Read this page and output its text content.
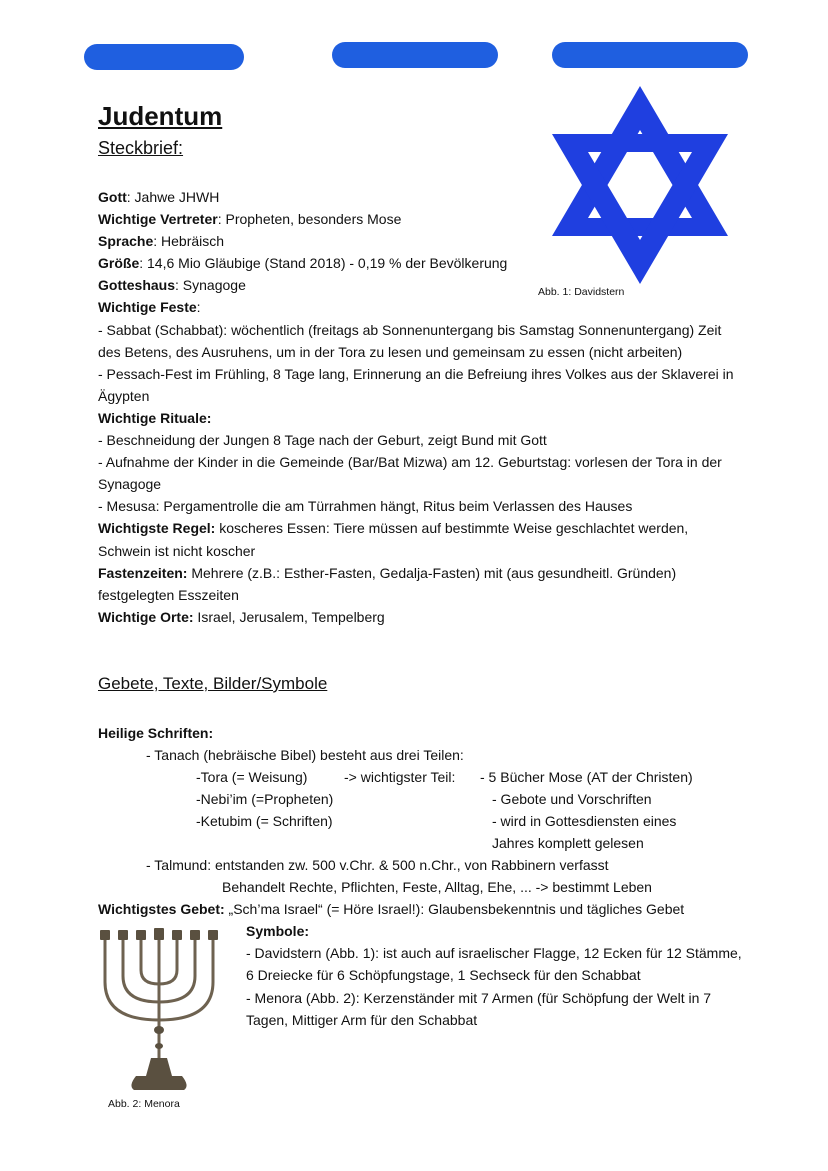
Judentum
Steckbrief:
Abb. 1: Davidstern

Gott: Jahwe JHWH

Wichtige Vertreter: Propheten, besonders Mose

Sprache: Hebräisch

Größe: 14,6 Mio Gläubige (Stand 2018) - 0,19 % der Bevölkerung

Gotteshaus: Synagoge

Wichtige Feste:

- Sabbat (Schabbat): wöchentlich (freitags ab Sonnenuntergang bis Samstag Sonnenuntergang) Zeit des Betens, des Ausruhens, um in der Tora zu lesen und gemeinsam zu essen (nicht arbeiten)

- Pessach-Fest im Frühling, 8 Tage lang, Erinnerung an die Befreiung ihres Volkes aus der Sklaverei in Ägypten

Wichtige Rituale:

- Beschneidung der Jungen 8 Tage nach der Geburt, zeigt Bund mit Gott

- Aufnahme der Kinder in die Gemeinde (Bar/Bat Mizwa) am 12. Geburtstag: vorlesen der Tora in der Synagoge

- Mesusa: Pergamentrolle die am Türrahmen hängt, Ritus beim Verlassen des Hauses

Wichtigste Regel: koscheres Essen: Tiere müssen auf bestimmte Weise geschlachtet werden, Schwein ist nicht koscher

Fastenzeiten: Mehrere (z.B.: Esther-Fasten, Gedalja-Fasten) mit (aus gesundheitl. Gründen) festgelegten Esszeiten

Wichtige Orte: Israel, Jerusalem, Tempelberg

Gebete, Texte, Bilder/Symbole
Heilige Schriften:
- Tanach (hebräische Bibel) besteht aus drei Teilen:
-Tora (= Weisung)	-> wichtigster Teil: - 5 Bücher Mose (AT der Christen)
-Nebi’im (=Propheten)	- Gebote und Vorschriften
-Ketubim (= Schriften)	- wird in Gottesdiensten eines
Jahres komplett gelesen
- Talmund: entstanden zw. 500 v.Chr. & 500 n.Chr., von Rabbinern verfasst
Behandelt Rechte, Pflichten, Feste, Alltag, Ehe, ... -> bestimmt Leben
Wichtigstes Gebet: „Sch’ma Israel“ (= Höre Israel!): Glaubensbekenntnis und tägliches Gebet
Abb. 2: Menora

Symbole:

- Davidstern (Abb. 1): ist auch auf israelischer Flagge, 12 Ecken für 12 Stämme, 6 Dreiecke für 6 Schöpfungstage, 1 Sechseck für den Schabbat

- Menora (Abb. 2): Kerzenständer mit 7 Armen (für Schöpfung der Welt in 7 Tagen, Mittiger Arm für den Schabbat
